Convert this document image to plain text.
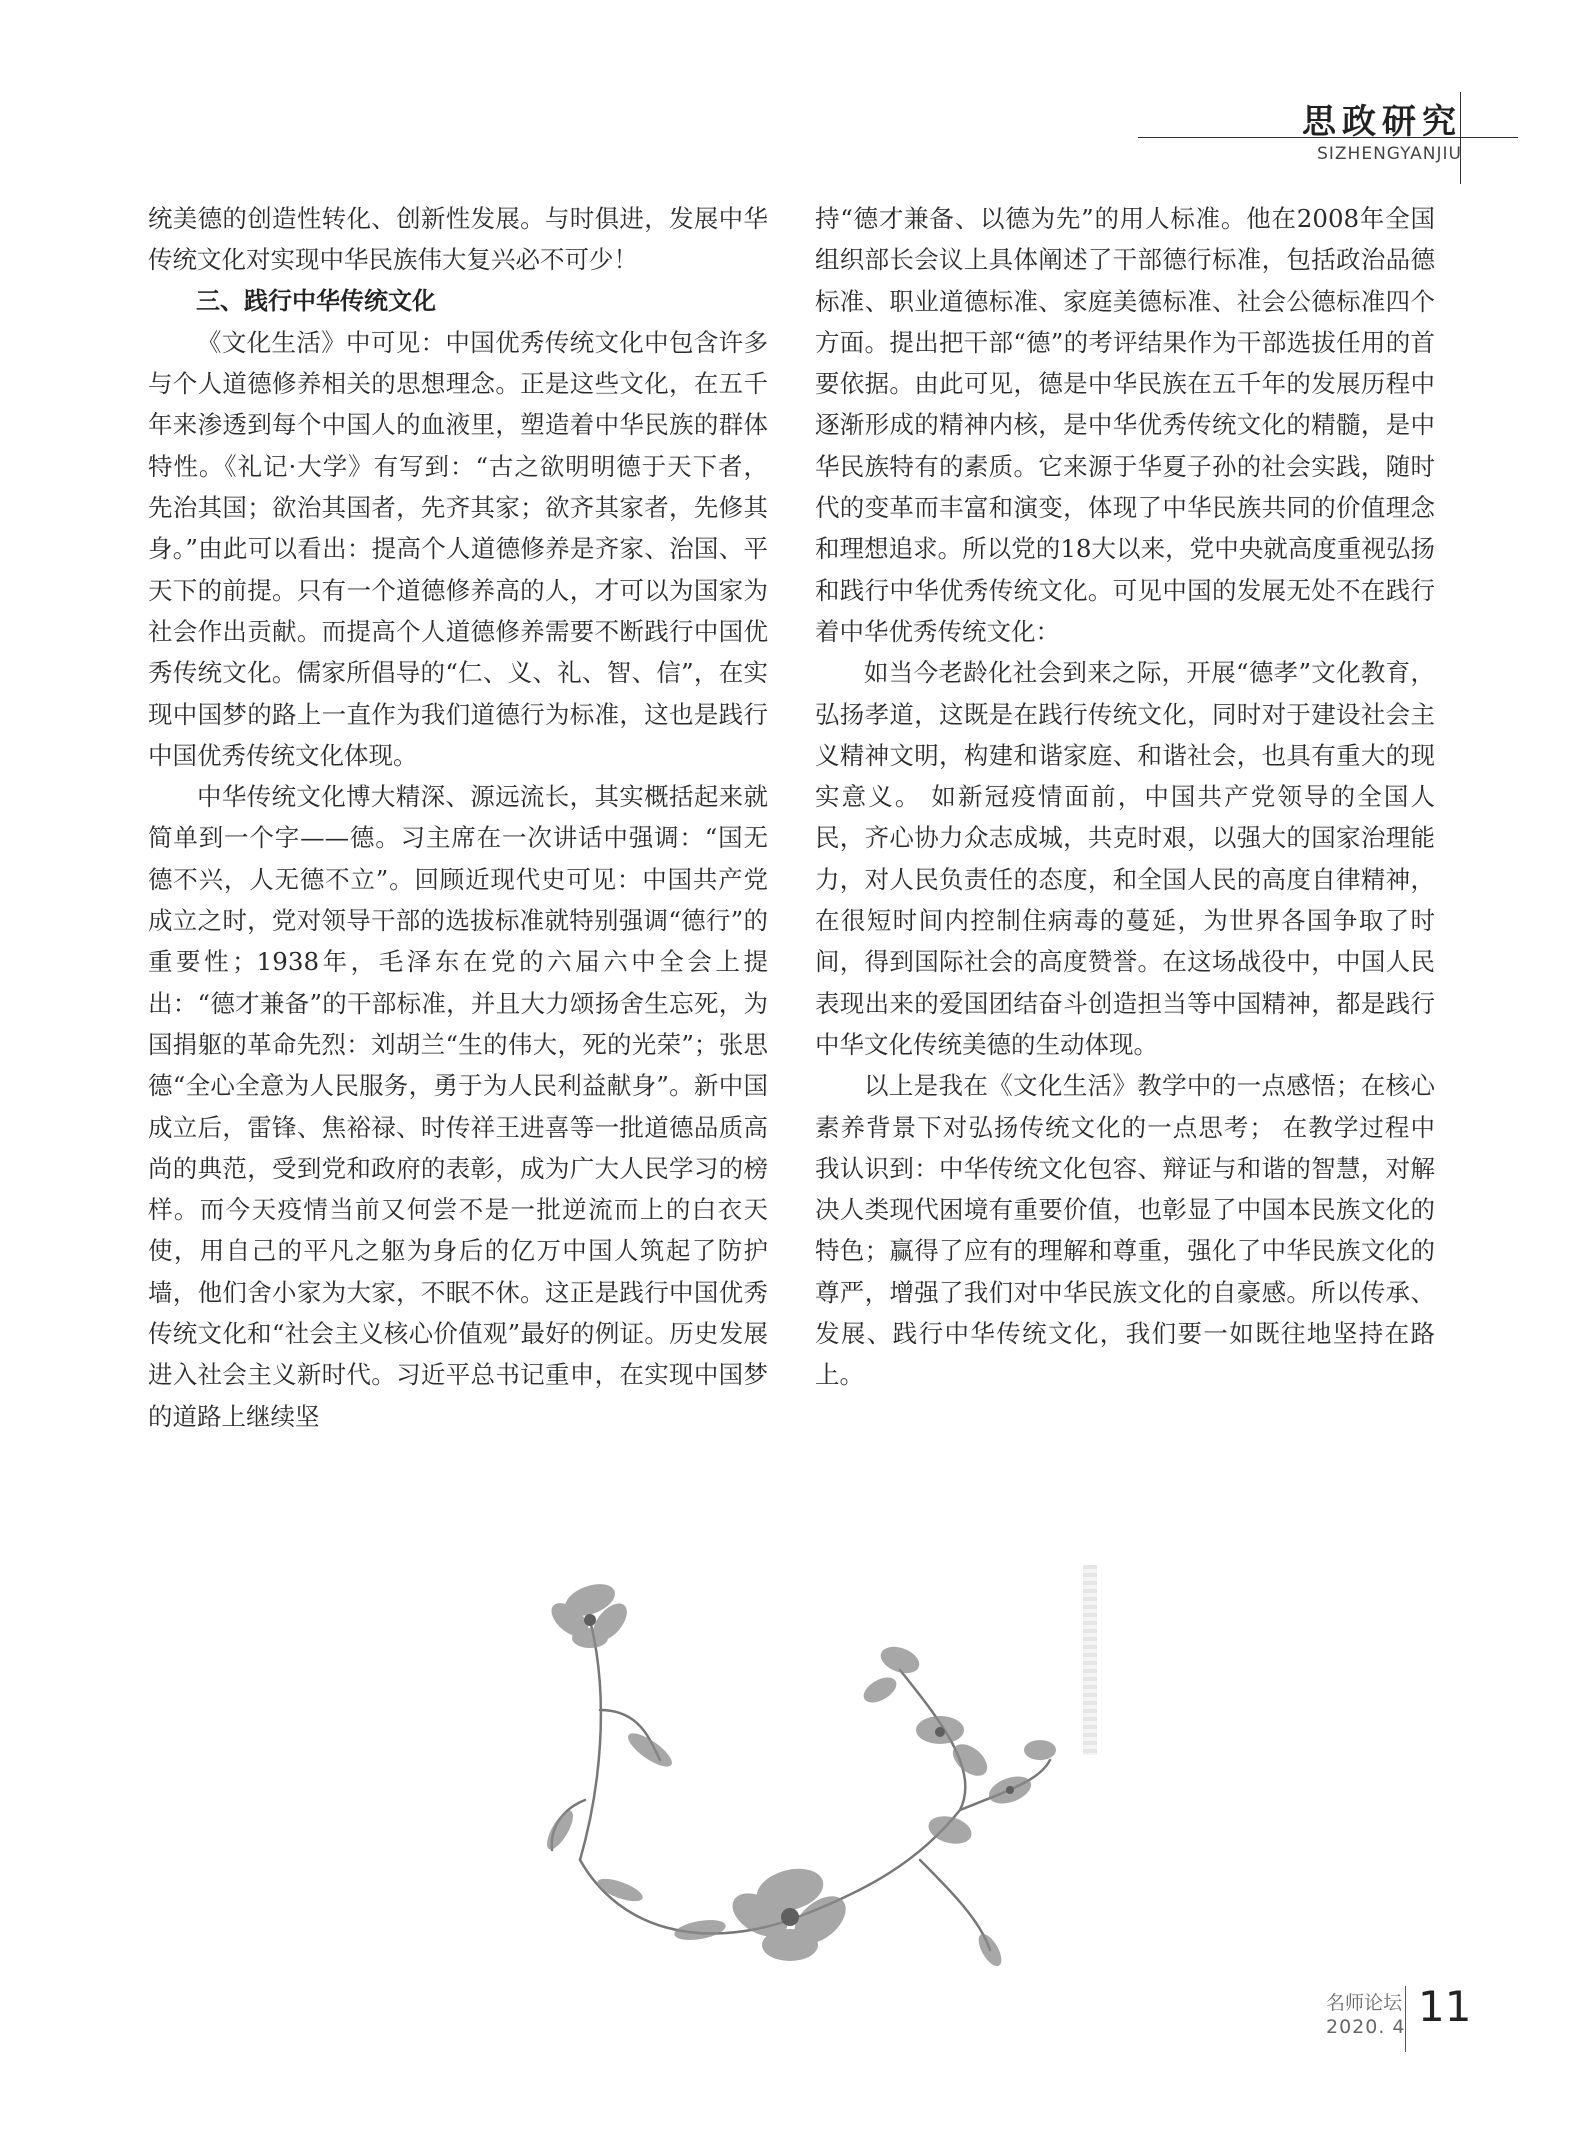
思政研究
SIZHENGYANJIU

统美德的创造性转化、创新性发展。与时俱进，发展中华传统文化对实现中华民族伟大复兴必不可少！

三、践行中华传统文化

《文化生活》中可见：中国优秀传统文化中包含许多与个人道德修养相关的思想理念。正是这些文化，在五千年来渗透到每个中国人的血液里，塑造着中华民族的群体特性。《礼记·大学》有写到：“古之欲明明德于天下者，先治其国；欲治其国者，先齐其家；欲齐其家者，先修其身。”由此可以看出：提高个人道德修养是齐家、治国、平天下的前提。只有一个道德修养高的人，才可以为国家为社会作出贡献。而提高个人道德修养需要不断践行中国优秀传统文化。儒家所倡导的“仁、义、礼、智、信”，在实现中国梦的路上一直作为我们道德行为标准，这也是践行中国优秀传统文化体现。

中华传统文化博大精深、源远流长，其实概括起来就简单到一个字——德。习主席在一次讲话中强调：“国无德不兴，人无德不立”。回顾近现代史可见：中国共产党成立之时，党对领导干部的选拔标准就特别强调“德行”的重要性；1938年，毛泽东在党的六届六中全会上提出：“德才兼备”的干部标准，并且大力颂扬舍生忘死，为国捐躯的革命先烈：刘胡兰“生的伟大，死的光荣”；张思德“全心全意为人民服务，勇于为人民利益献身”。新中国成立后，雷锋、焦裕禄、时传祥王进喜等一批道德品质高尚的典范，受到党和政府的表彰，成为广大人民学习的榜样。而今天疫情当前又何尝不是一批逆流而上的白衣天使，用自己的平凡之躯为身后的亿万中国人筑起了防护墙，他们舍小家为大家，不眠不休。这正是践行中国优秀传统文化和“社会主义核心价值观”最好的例证。历史发展进入社会主义新时代。习近平总书记重申，在实现中国梦的道路上继续坚

持“德才兼备、以德为先”的用人标准。他在2008年全国组织部长会议上具体阐述了干部德行标准，包括政治品德标准、职业道德标准、家庭美德标准、社会公德标准四个方面。提出把干部“德”的考评结果作为干部选拔任用的首要依据。由此可见，德是中华民族在五千年的发展历程中逐渐形成的精神内核，是中华优秀传统文化的精髓，是中华民族特有的素质。它来源于华夏子孙的社会实践，随时代的变革而丰富和演变，体现了中华民族共同的价值理念和理想追求。所以党的18大以来，党中央就高度重视弘扬和践行中华优秀传统文化。可见中国的发展无处不在践行着中华优秀传统文化：

如当今老龄化社会到来之际，开展“德孝”文化教育，弘扬孝道，这既是在践行传统文化，同时对于建设社会主义精神文明，构建和谐家庭、和谐社会，也具有重大的现实意义。 如新冠疫情面前，中国共产党领导的全国人民，齐心协力众志成城，共克时艰，以强大的国家治理能力，对人民负责任的态度，和全国人民的高度自律精神，在很短时间内控制住病毒的蔓延，为世界各国争取了时间，得到国际社会的高度赞誉。在这场战役中，中国人民表现出来的爱国团结奋斗创造担当等中国精神，都是践行中华文化传统美德的生动体现。

以上是我在《文化生活》教学中的一点感悟；在核心素养背景下对弘扬传统文化的一点思考； 在教学过程中我认识到：中华传统文化包容、辩证与和谐的智慧，对解决人类现代困境有重要价值，也彰显了中国本民族文化的特色；赢得了应有的理解和尊重，强化了中华民族文化的尊严，增强了我们对中华民族文化的自豪感。所以传承、发展、践行中华传统文化，我们要一如既往地坚持在路上。

名师论坛
2020. 4 11
